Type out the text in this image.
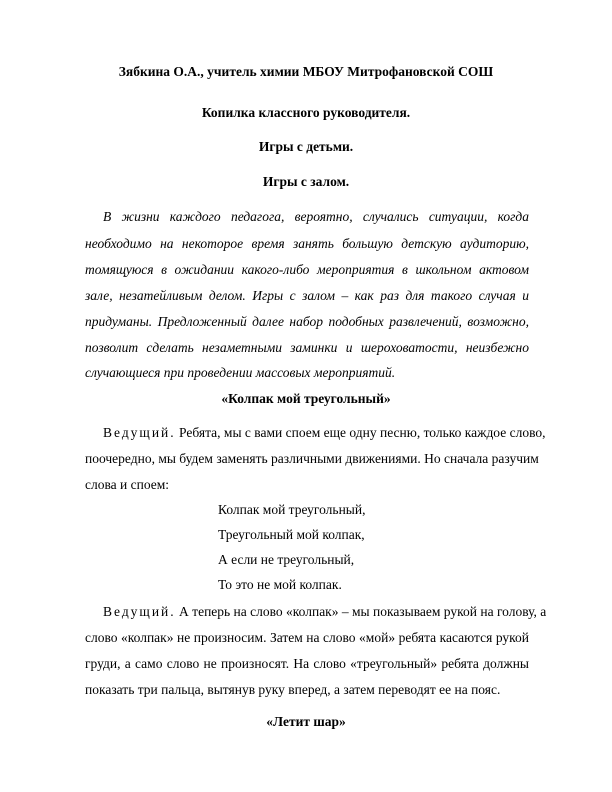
Зябкина О.А., учитель химии МБОУ Митрофановской СОШ
Копилка классного руководителя.
Игры с детьми.
Игры с залом.
В жизни каждого педагога, вероятно, случались ситуации, когда
необходимо на некоторое время занять большую детскую аудиторию,
томящуюся в ожидании какого-либо мероприятия в школьном актовом
зале, незатейливым делом. Игры с залом – как раз для такого случая и
придуманы. Предложенный далее набор подобных развлечений, возможно,
позволит сделать незаметными заминки и шероховатости, неизбежно
случающиеся при проведении массовых мероприятий.
«Колпак мой треугольный»
Ведущий. Ребята, мы с вами споем еще одну песню, только каждое слово,
поочередно, мы будем заменять различными движениями. Но сначала разучим
слова и споем:
Колпак мой треугольный,
Треугольный мой колпак,
А если не треугольный,
То это не мой колпак.
Ведущий. А теперь на слово «колпак» – мы показываем рукой на голову, а
слово «колпак» не произносим. Затем на слово «мой» ребята касаются рукой
груди, а само слово не произносят. На слово «треугольный» ребята должны
показать три пальца, вытянув руку вперед, а затем переводят ее на пояс.
«Летит шар»
